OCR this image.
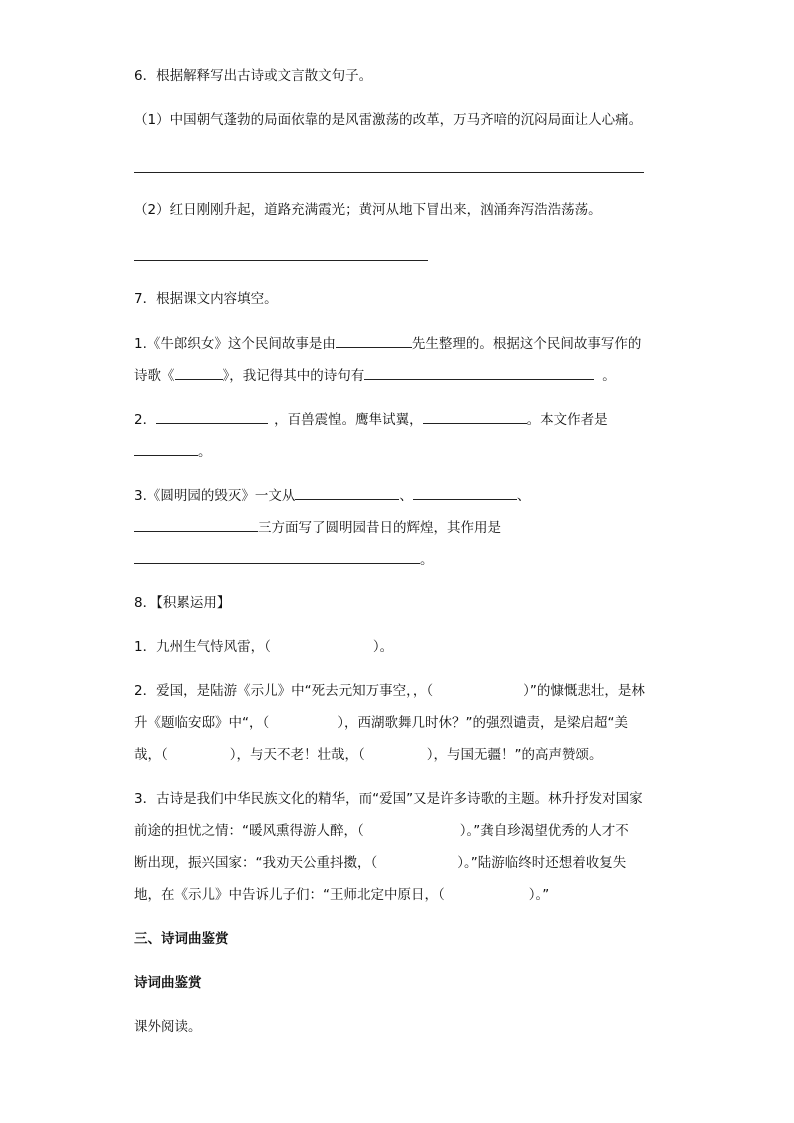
6．根据解释写出古诗或文言散文句子。
（1）中国朝气蓬勃的局面依靠的是风雷激荡的改革，万马齐喑的沉闷局面让人心痛。
（2）红日刚刚升起，道路充满霞光；黄河从地下冒出来，汹涌奔泻浩浩荡荡。
7．根据课文内容填空。
1.《牛郎织女》这个民间故事是由	先生整理的。根据这个民间故事写作的
诗歌《	》，我记得其中的诗句有	。
2．	，百兽震惶。鹰隼试翼，	。本文作者是
。
3.《圆明园的毁灭》一文从	、	、
三方面写了圆明园昔日的辉煌，其作用是
。
8．【积累运用】
1．九州生气恃风雷，（	）。
2．爱国，是陆游《示儿》中“死去元知万事空，，（	）”的慷慨悲壮，是林
升《题临安邸》中“，（	），西湖歌舞几时休？”的强烈谴责，是梁启超“美
哉，（	），与天不老！壮哉，（	），与国无疆！”的高声赞颂。
3．古诗是我们中华民族文化的精华，而“爱国”又是许多诗歌的主题。林升抒发对国家
前途的担忧之情：“暖风熏得游人醉，（	）。”龚自珍渴望优秀的人才不
断出现，振兴国家：“我劝天公重抖擞，（	）。”陆游临终时还想着收复失
地，在《示儿》中告诉儿子们：“王师北定中原日，（	）。”
三、诗词曲鉴赏
诗词曲鉴赏
课外阅读。
